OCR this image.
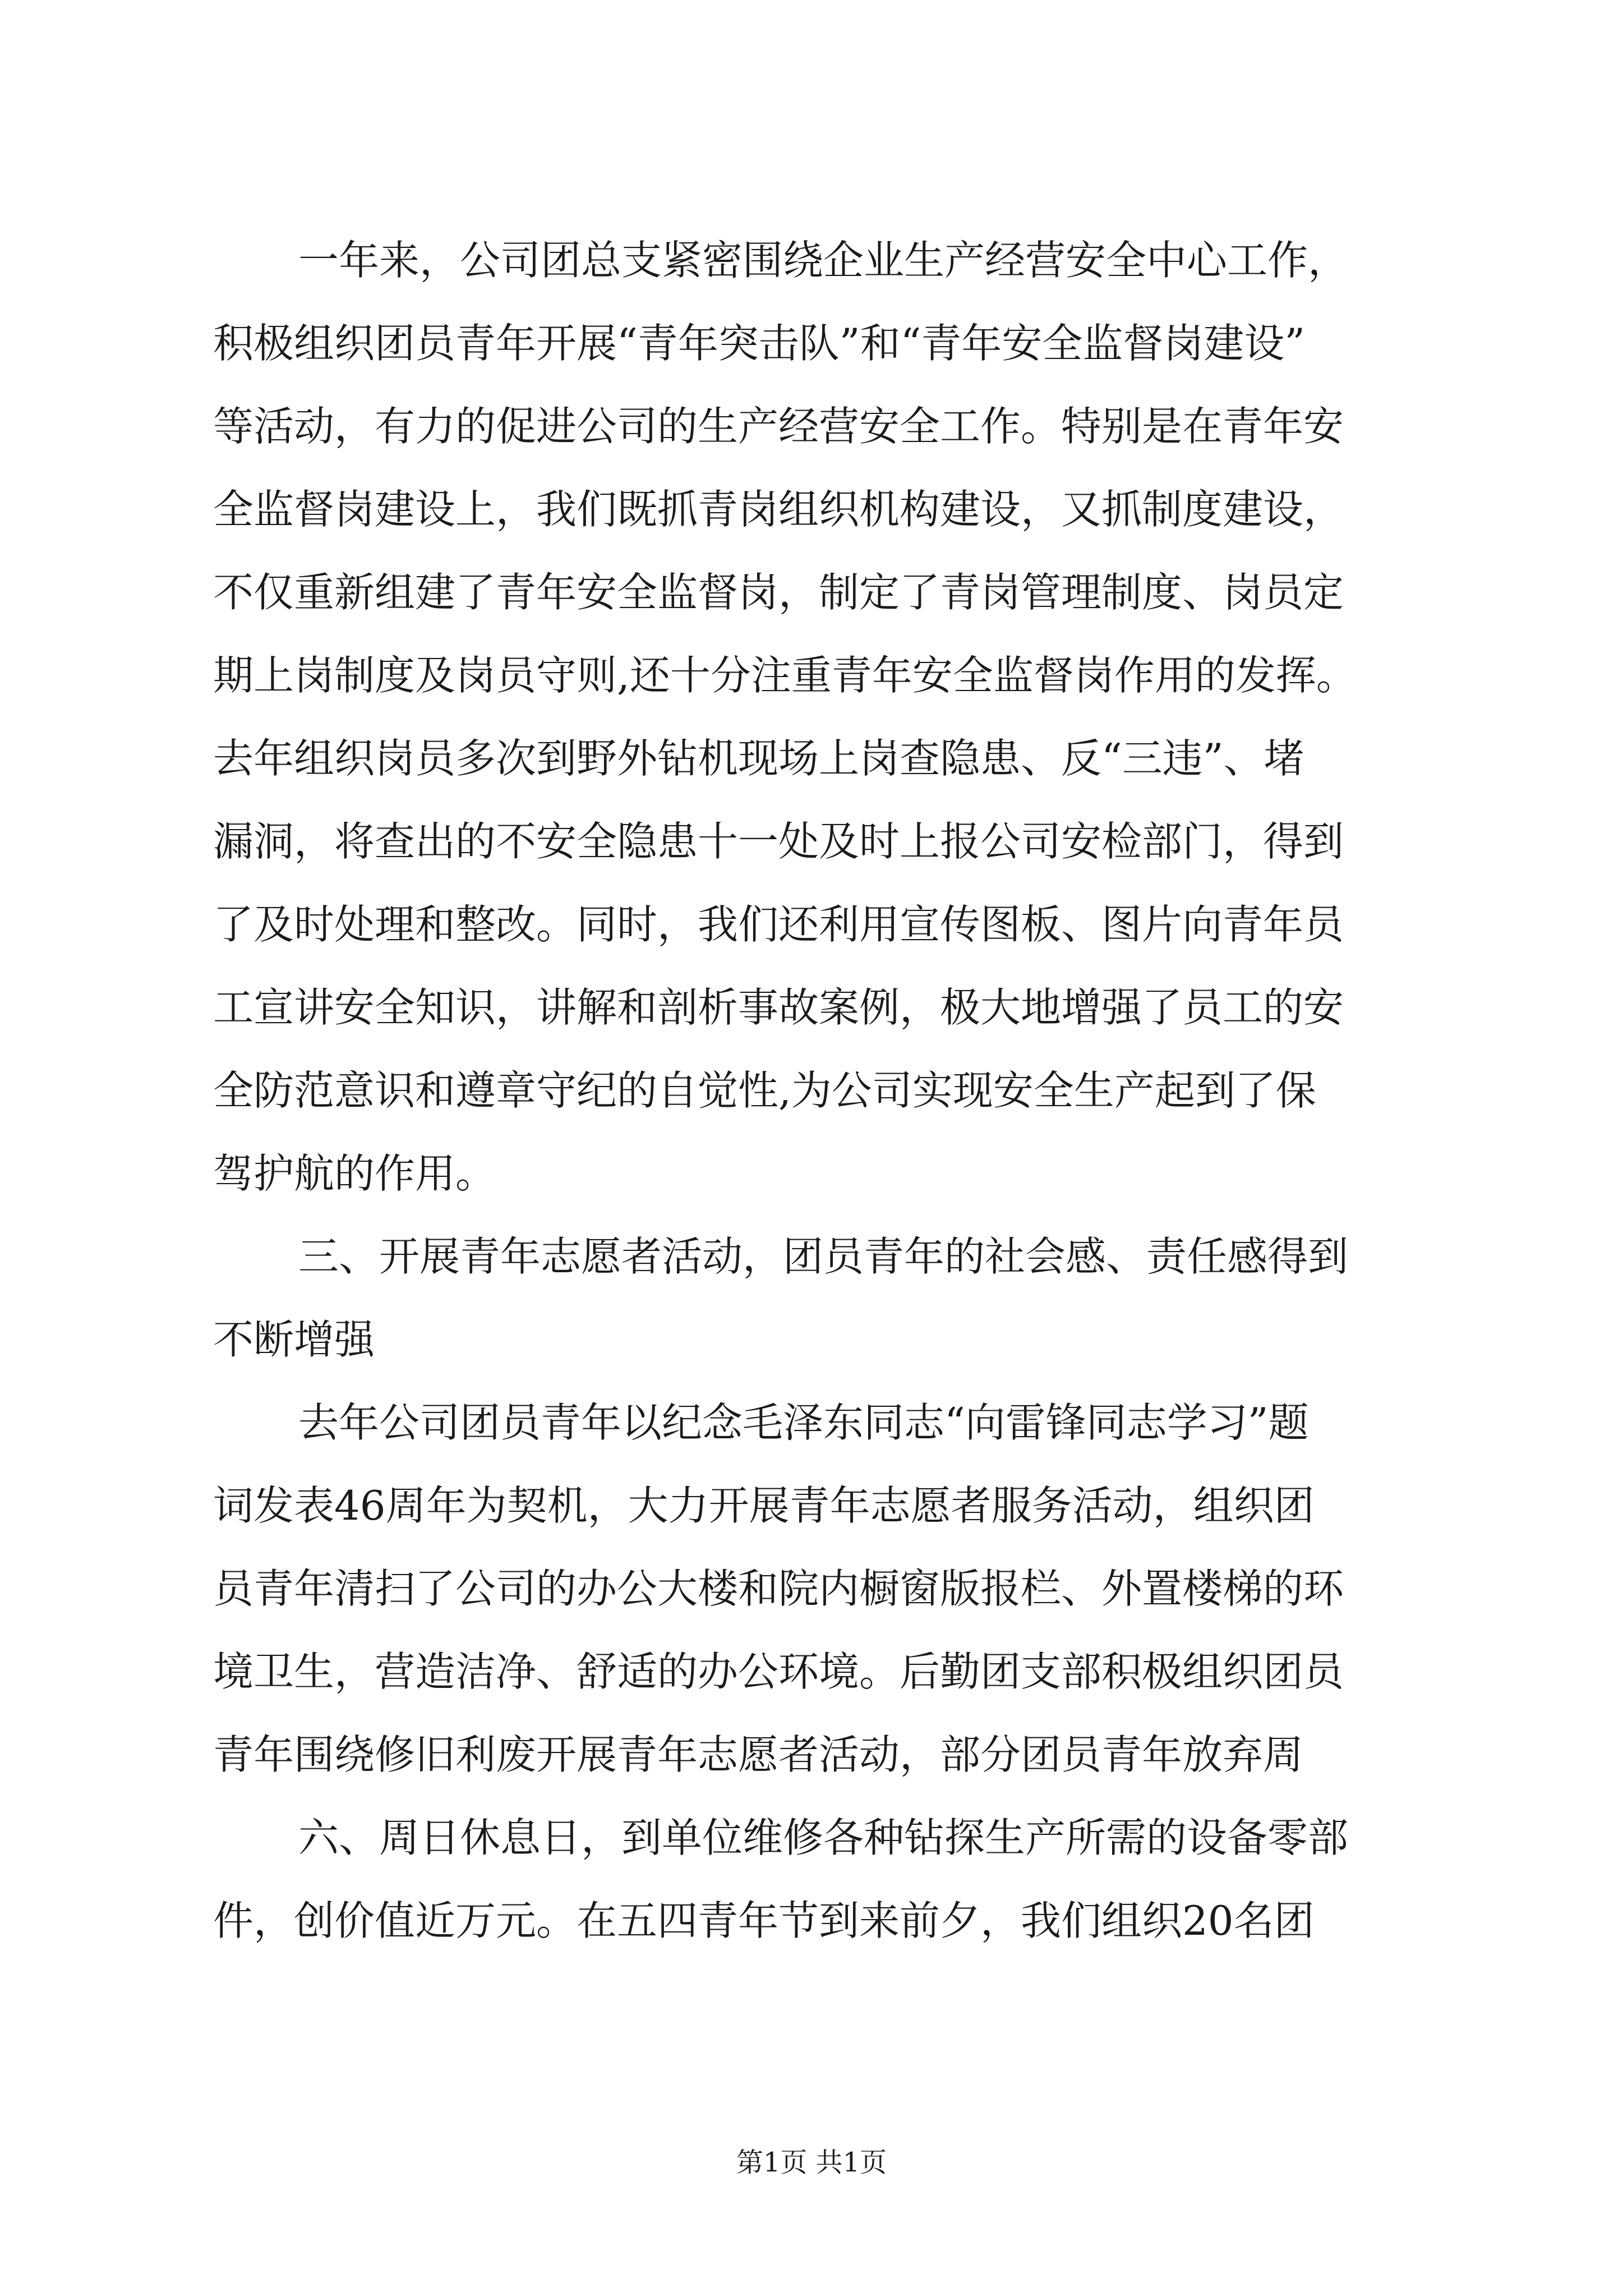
一年来，公司团总支紧密围绕企业生产经营安全中心工作，
积极组织团员青年开展“青年突击队”和“青年安全监督岗建设”
等活动，有力的促进公司的生产经营安全工作。特别是在青年安
全监督岗建设上，我们既抓青岗组织机构建设，又抓制度建设，
不仅重新组建了青年安全监督岗，制定了青岗管理制度、岗员定
期上岗制度及岗员守则,还十分注重青年安全监督岗作用的发挥。
去年组织岗员多次到野外钻机现场上岗查隐患、反“三违”、堵
漏洞，将查出的不安全隐患十一处及时上报公司安检部门，得到
了及时处理和整改。同时，我们还利用宣传图板、图片向青年员
工宣讲安全知识，讲解和剖析事故案例，极大地增强了员工的安
全防范意识和遵章守纪的自觉性,为公司实现安全生产起到了保
驾护航的作用。
三、开展青年志愿者活动，团员青年的社会感、责任感得到
不断增强
去年公司团员青年以纪念毛泽东同志“向雷锋同志学习”题
词发表46周年为契机，大力开展青年志愿者服务活动，组织团
员青年清扫了公司的办公大楼和院内橱窗版报栏、外置楼梯的环
境卫生，营造洁净、舒适的办公环境。后勤团支部积极组织团员
青年围绕修旧利废开展青年志愿者活动，部分团员青年放弃周
六、周日休息日，到单位维修各种钻探生产所需的设备零部
件，创价值近万元。在五四青年节到来前夕，我们组织20名团
第1页 共1页
